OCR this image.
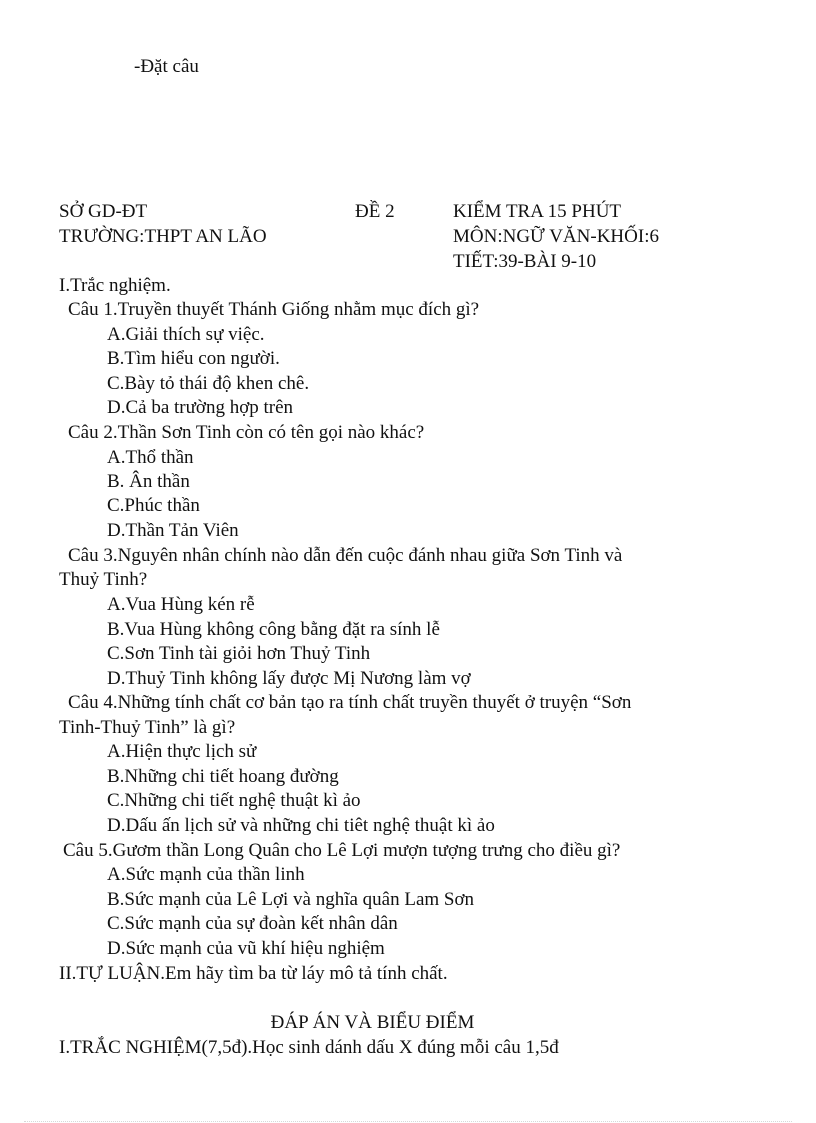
-Đặt câu
SỞ GD-ĐT	ĐỀ 2	KIỂM TRA 15 PHÚT
TRƯỜNG:THPT AN LÃO	MÔN:NGỮ VĂN-KHỐI:6
TIẾT:39-BÀI 9-10
I.Trắc nghiệm.
Câu 1.Truyền thuyết Thánh Giống nhằm mục đích gì?
A.Giải thích sự việc.
B.Tìm hiểu con người.
C.Bày tỏ thái độ khen chê.
D.Cả ba trường hợp trên
Câu 2.Thần Sơn Tinh còn có tên gọi nào khác?
A.Thổ thần
B. Ân thần
C.Phúc thần
D.Thần Tản Viên
Câu 3.Nguyên nhân chính nào dẫn đến cuộc đánh nhau giữa Sơn Tinh và
Thuỷ Tinh?
A.Vua Hùng kén rễ
B.Vua Hùng không công bằng đặt ra sính lễ
C.Sơn Tinh tài giỏi hơn Thuỷ Tinh
D.Thuỷ Tinh không lấy được Mị Nương làm vợ
Câu 4.Những tính chất cơ bản tạo ra tính chất truyền thuyết ở truyện “Sơn
Tinh-Thuỷ Tinh” là gì?
A.Hiện thực lịch sử
B.Những chi tiết hoang đường
C.Những chi tiết nghệ thuật kì ảo
D.Dấu ấn lịch sử và những chi tiêt nghệ thuật kì ảo
Câu 5.Gươm thần Long Quân cho Lê Lợi mượn tượng trưng cho điều gì?
A.Sức mạnh của thần linh
B.Sức mạnh của Lê Lợi và nghĩa quân Lam Sơn
C.Sức mạnh của sự đoàn kết nhân dân
D.Sức mạnh của vũ khí hiệu nghiệm
II.TỰ LUẬN.Em hãy tìm ba từ láy mô tả tính chất.
ĐÁP ÁN VÀ BIỂU ĐIỂM
I.TRẮC NGHIỆM(7,5đ).Học sinh dánh dấu X đúng mỗi câu 1,5đ
